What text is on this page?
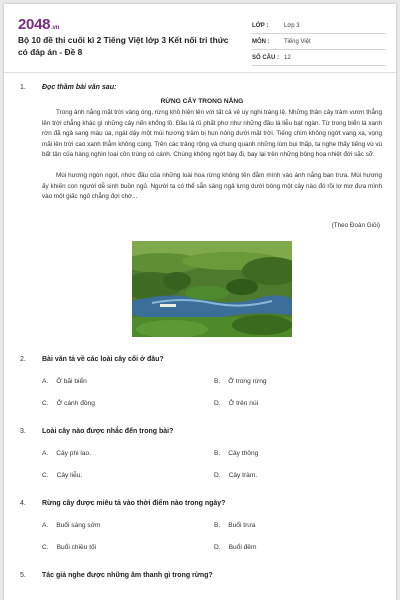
2048.vn
Bộ 10 đề thi cuối kì 2 Tiếng Việt lớp 3 Kết nối tri thức có đáp án - Đề 8
LỚP :	Lớp 3
MÔN :	Tiếng Việt
SỐ CÂU : 12
1. Đọc thầm bài văn sau:
RỪNG CÂY TRONG NẮNG
Trong ánh nắng mặt trời vàng óng, rừng khô hiện lên với tất cả vẻ uy nghi tráng lệ. Những thân cây tràm vươn thẳng lên trời chẳng khác gì những cây nến khổng lồ. Đầu lá rủ phất phơ như những đầu lá liễu bạt ngàn. Từ trong biển lá xanh rờn đã ngả sang màu úa, ngát dậy một mùi hương tràm bị hun nóng dưới mặt trời. Tiếng chim không ngớt vang xa, vọng mãi lên trời cao xanh thẳm không cùng. Trên các trảng rộng và chung quanh những lùm bụi thấp, ta nghe thấy tiếng vù vù bất tận của hàng nghìn loại côn trùng có cánh. Chúng không ngớt bay đi, bay lại trên những bông hoa nhiệt đới sặc sỡ.
Mùi hương ngòn ngọt, nhức đầu của những loài hoa rừng không tên đằm mình vào ánh nắng ban trưa. Mùi hương ấy khiến con người dễ sinh buồn ngủ. Người ta có thể sẵn sàng ngả lưng dưới bóng một cây nào đó rồi lơ mơ đưa mình vào một giấc ngủ chẳng đợi chờ...
(Theo Đoàn Giỏi)
2. Bài văn tả về các loài cây cối ở đâu?
A. Ở bãi biển	B. Ở trong rừng
C. Ở cánh đồng	D. Ở trên núi
3. Loài cây nào được nhắc đến trong bài?
A. Cây phi lao.	B. Cây thông
C. Cây liễu.	D. Cây tràm.
4. Rừng cây được miêu tả vào thời điểm nào trong ngày?
A. Buổi sáng sớm	B. Buổi trưa
C. Buổi chiều tối	D. Buổi đêm
5. Tác giả nghe được những âm thanh gì trong rừng?
